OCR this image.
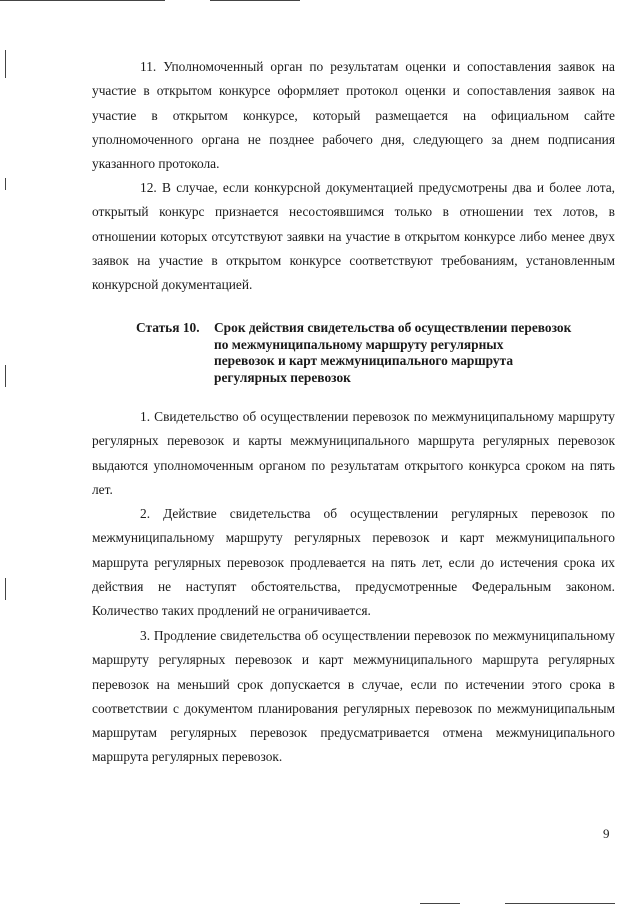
11. Уполномоченный орган по результатам оценки и сопоставления заявок на участие в открытом конкурсе оформляет протокол оценки и сопоставления заявок на участие в открытом конкурсе, который размещается на официальном сайте уполномоченного органа не позднее рабочего дня, следующего за днем подписания указанного протокола.

12. В случае, если конкурсной документацией предусмотрены два и более лота, открытый конкурс признается несостоявшимся только в отношении тех лотов, в отношении которых отсутствуют заявки на участие в открытом конкурсе либо менее двух заявок на участие в открытом конкурсе соответствуют требованиям, установленным конкурсной документацией.

Статья 10. Срок действия свидетельства об осуществлении перевозок
по межмуниципальному маршруту регулярных
перевозок и карт межмуниципального маршрута
регулярных перевозок

1. Свидетельство об осуществлении перевозок по межмуниципальному маршруту регулярных перевозок и карты межмуниципального маршрута регулярных перевозок выдаются уполномоченным органом по результатам открытого конкурса сроком на пять лет.

2. Действие свидетельства об осуществлении регулярных перевозок по межмуниципальному маршруту регулярных перевозок и карт межмуниципального маршрута регулярных перевозок продлевается на пять лет, если до истечения срока их действия не наступят обстоятельства, предусмотренные Федеральным законом. Количество таких продлений не ограничивается.

3. Продление свидетельства об осуществлении перевозок по межмуниципальному маршруту регулярных перевозок и карт межмуниципального маршрута регулярных перевозок на меньший срок допускается в случае, если по истечении этого срока в соответствии с документом планирования регулярных перевозок по межмуниципальным маршрутам регулярных перевозок предусматривается отмена межмуниципального маршрута регулярных перевозок.

9
